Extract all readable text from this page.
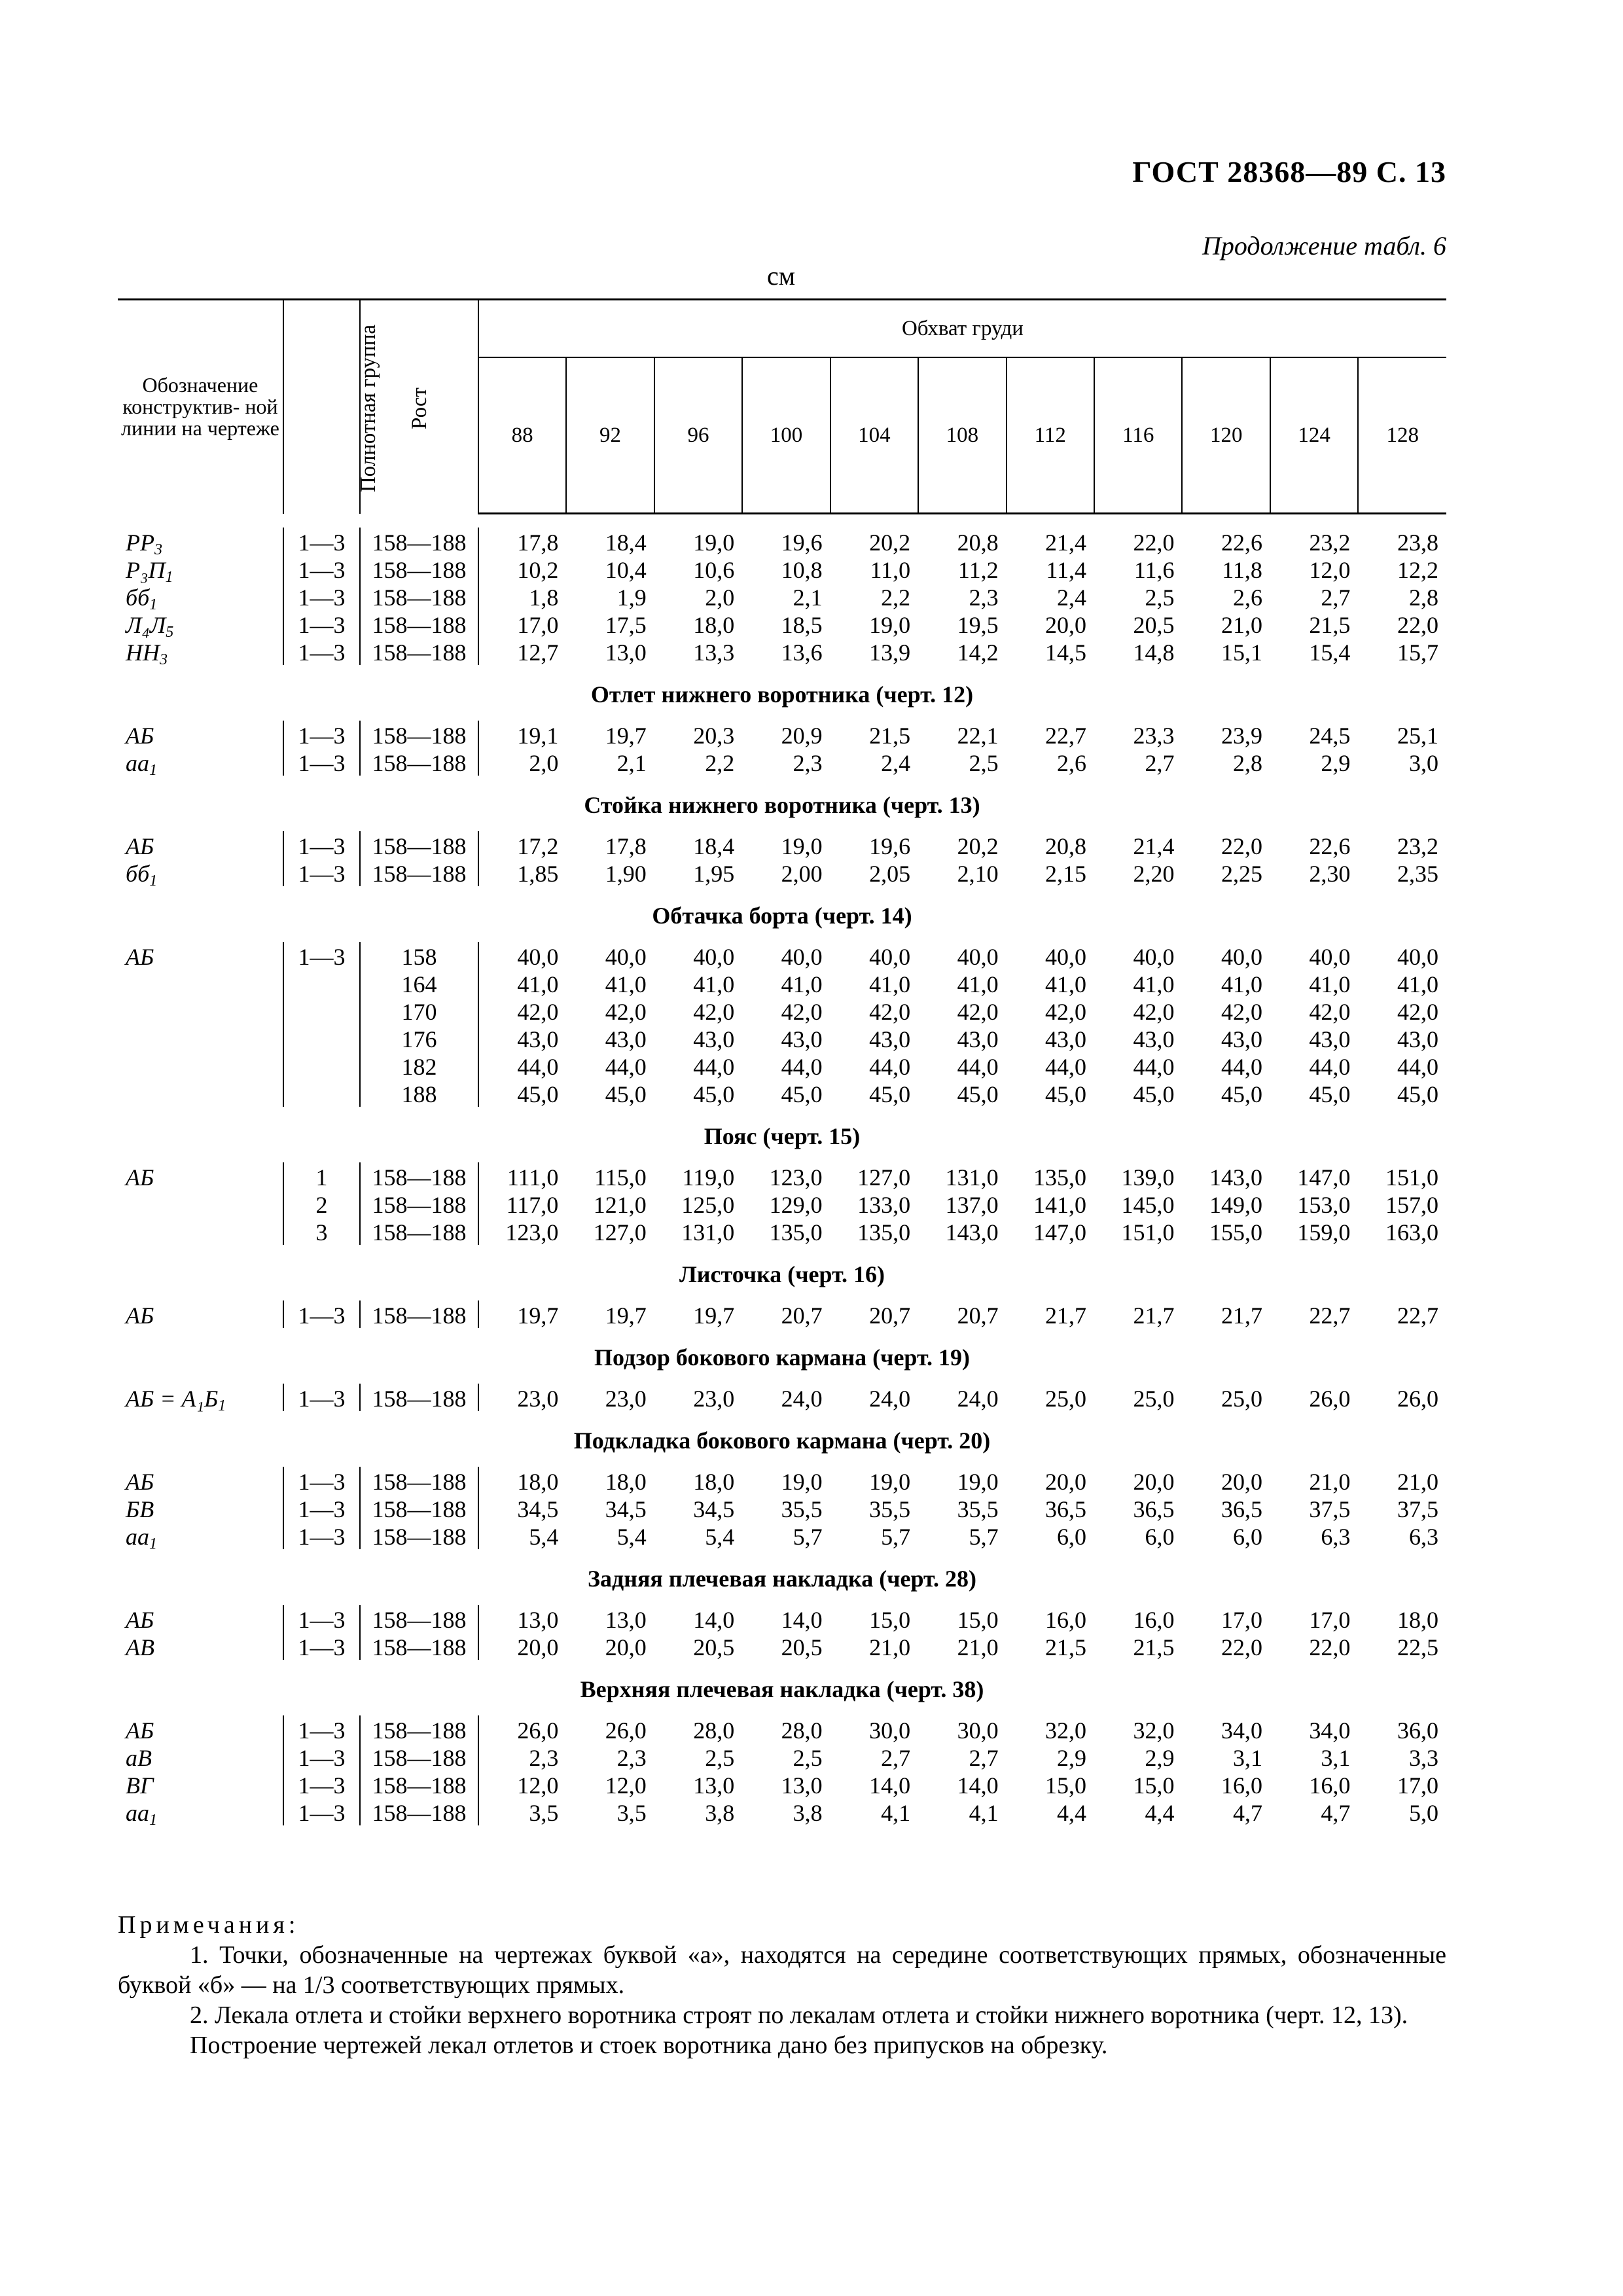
ГОСТ 28368—89 С. 13
Продолжение табл. 6
см
Обозначение конструктив- ной линии на чертеже	Полнотная группа	Рост	Обхват груди										
			88	92	96	100	104	108	112	116	120	124	128

$РР_3$	1—3	158—188	17,8	18,4	19,0	19,6	20,2	20,8	21,4	22,0	22,6	23,2	23,8
$Р_3П_1$	1—3	158—188	10,2	10,4	10,6	10,8	11,0	11,2	11,4	11,6	11,8	12,0	12,2
$бб_1$	1—3	158—188	1,8	1,9	2,0	2,1	2,2	2,3	2,4	2,5	2,6	2,7	2,8
$Л_4Л_5$	1—3	158—188	17,0	17,5	18,0	18,5	19,0	19,5	20,0	20,5	21,0	21,5	22,0
$НН_3$	1—3	158—188	12,7	13,0	13,3	13,6	13,9	14,2	14,5	14,8	15,1	15,4	15,7
Отлет нижнего воротника (черт. 12)													
АБ	1—3	158—188	19,1	19,7	20,3	20,9	21,5	22,1	22,7	23,3	23,9	24,5	25,1
$аа_1$	1—3	158—188	2,0	2,1	2,2	2,3	2,4	2,5	2,6	2,7	2,8	2,9	3,0
Стойка нижнего воротника (черт. 13)													
АБ	1—3	158—188	17,2	17,8	18,4	19,0	19,6	20,2	20,8	21,4	22,0	22,6	23,2
$бб_1$	1—3	158—188	1,85	1,90	1,95	2,00	2,05	2,10	2,15	2,20	2,25	2,30	2,35
Обтачка борта (черт. 14)													
АБ	1—3	158	40,0	40,0	40,0	40,0	40,0	40,0	40,0	40,0	40,0	40,0	40,0
		164	41,0	41,0	41,0	41,0	41,0	41,0	41,0	41,0	41,0	41,0	41,0
		170	42,0	42,0	42,0	42,0	42,0	42,0	42,0	42,0	42,0	42,0	42,0
		176	43,0	43,0	43,0	43,0	43,0	43,0	43,0	43,0	43,0	43,0	43,0
		182	44,0	44,0	44,0	44,0	44,0	44,0	44,0	44,0	44,0	44,0	44,0
		188	45,0	45,0	45,0	45,0	45,0	45,0	45,0	45,0	45,0	45,0	45,0
Пояс (черт. 15)													
АБ	1	158—188	111,0	115,0	119,0	123,0	127,0	131,0	135,0	139,0	143,0	147,0	151,0
	2	158—188	117,0	121,0	125,0	129,0	133,0	137,0	141,0	145,0	149,0	153,0	157,0
	3	158—188	123,0	127,0	131,0	135,0	135,0	143,0	147,0	151,0	155,0	159,0	163,0
Листочка (черт. 16)													
АБ	1—3	158—188	19,7	19,7	19,7	20,7	20,7	20,7	21,7	21,7	21,7	22,7	22,7
Подзор бокового кармана (черт. 19)													
АБ = $А_1Б_1$	1—3	158—188	23,0	23,0	23,0	24,0	24,0	24,0	25,0	25,0	25,0	26,0	26,0
Подкладка бокового кармана (черт. 20)													
АБ	1—3	158—188	18,0	18,0	18,0	19,0	19,0	19,0	20,0	20,0	20,0	21,0	21,0
БВ	1—3	158—188	34,5	34,5	34,5	35,5	35,5	35,5	36,5	36,5	36,5	37,5	37,5
$аа_1$	1—3	158—188	5,4	5,4	5,4	5,7	5,7	5,7	6,0	6,0	6,0	6,3	6,3
Задняя плечевая накладка (черт. 28)													
АБ	1—3	158—188	13,0	13,0	14,0	14,0	15,0	15,0	16,0	16,0	17,0	17,0	18,0
АВ	1—3	158—188	20,0	20,0	20,5	20,5	21,0	21,0	21,5	21,5	22,0	22,0	22,5
Верхняя плечевая накладка (черт. 38)													
АБ	1—3	158—188	26,0	26,0	28,0	28,0	30,0	30,0	32,0	32,0	34,0	34,0	36,0
аВ	1—3	158—188	2,3	2,3	2,5	2,5	2,7	2,7	2,9	2,9	3,1	3,1	3,3
ВГ	1—3	158—188	12,0	12,0	13,0	13,0	14,0	14,0	15,0	15,0	16,0	16,0	17,0
$аа_1$	1—3	158—188	3,5	3,5	3,8	3,8	4,1	4,1	4,4	4,4	4,7	4,7	5,0

Примечания:

1. Точки, обозначенные на чертежах буквой «а», находятся на середине соответствующих прямых, обозначенные буквой «б» — на 1/3 соответствующих прямых.

2. Лекала отлета и стойки верхнего воротника строят по лекалам отлета и стойки нижнего воротника (черт. 12, 13).

Построение чертежей лекал отлетов и стоек воротника дано без припусков на обрезку.
